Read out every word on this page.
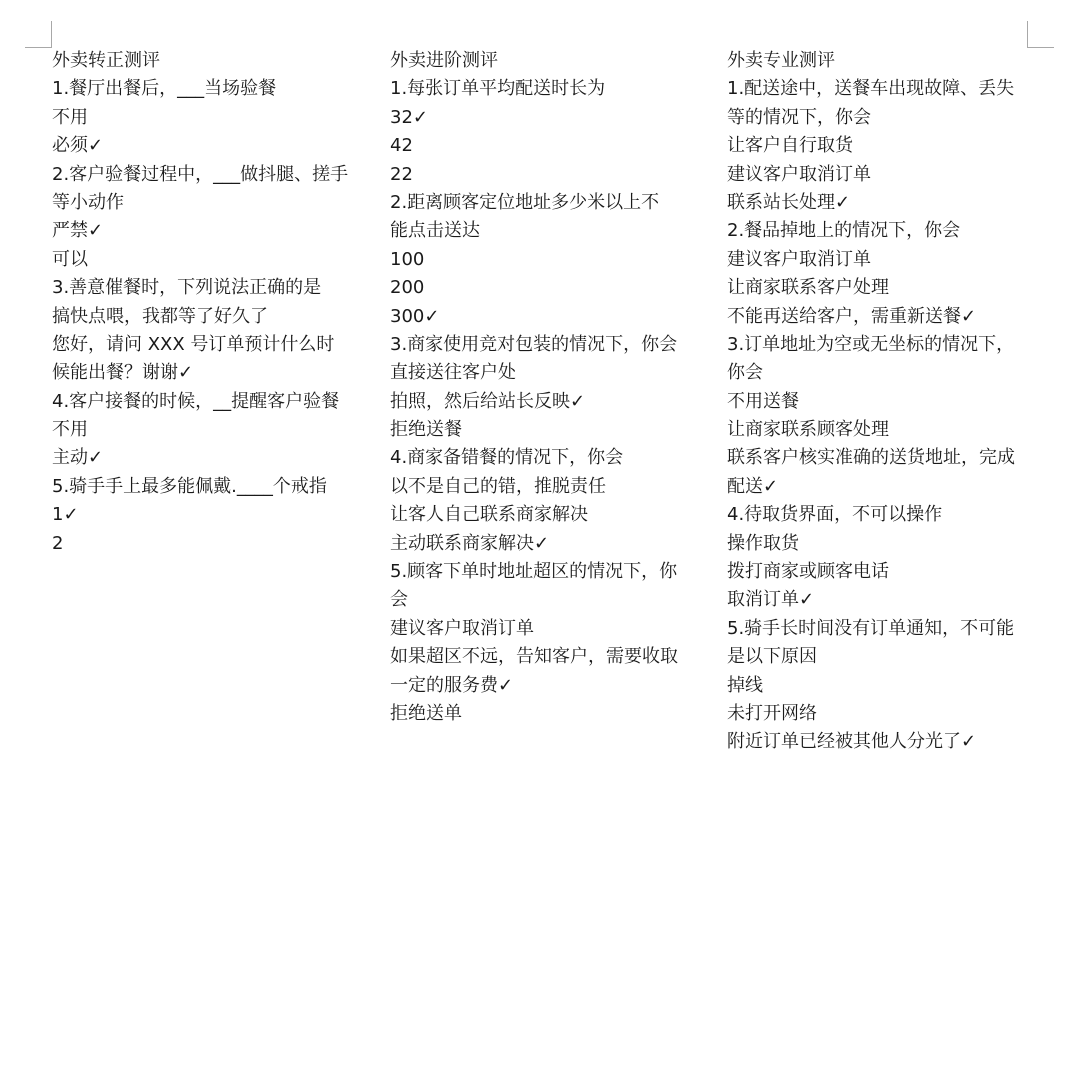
外卖转正测评
1.餐厅出餐后，___当场验餐
不用
必须✓
2.客户验餐过程中，___做抖腿、搓手
等小动作
严禁✓
可以
3.善意催餐时，下列说法正确的是
搞快点喂，我都等了好久了
您好，请问 XXX 号订单预计什么时
候能出餐？谢谢✓
4.客户接餐的时候，__提醒客户验餐
不用
主动✓
5.骑手手上最多能佩戴.____个戒指
1✓
2
外卖进阶测评
1.每张订单平均配送时长为
32✓
42
22
2.距离顾客定位地址多少米以上不
能点击送达
100
200
300✓
3.商家使用竞对包装的情况下，你会
直接送往客户处
拍照，然后给站长反映✓
拒绝送餐
4.商家备错餐的情况下，你会
以不是自己的错，推脱责任
让客人自己联系商家解决
主动联系商家解决✓
5.顾客下单时地址超区的情况下，你
会
建议客户取消订单
如果超区不远，告知客户，需要收取
一定的服务费✓
拒绝送单
外卖专业测评
1.配送途中，送餐车出现故障、丢失
等的情况下，你会
让客户自行取货
建议客户取消订单
联系站长处理✓
2.餐品掉地上的情况下，你会
建议客户取消订单
让商家联系客户处理
不能再送给客户，需重新送餐✓
3.订单地址为空或无坐标的情况下，
你会
不用送餐
让商家联系顾客处理
联系客户核实准确的送货地址，完成
配送✓
4.待取货界面，不可以操作
操作取货
拨打商家或顾客电话
取消订单✓
5.骑手长时间没有订单通知，不可能
是以下原因
掉线
未打开网络
附近订单已经被其他人分光了✓
